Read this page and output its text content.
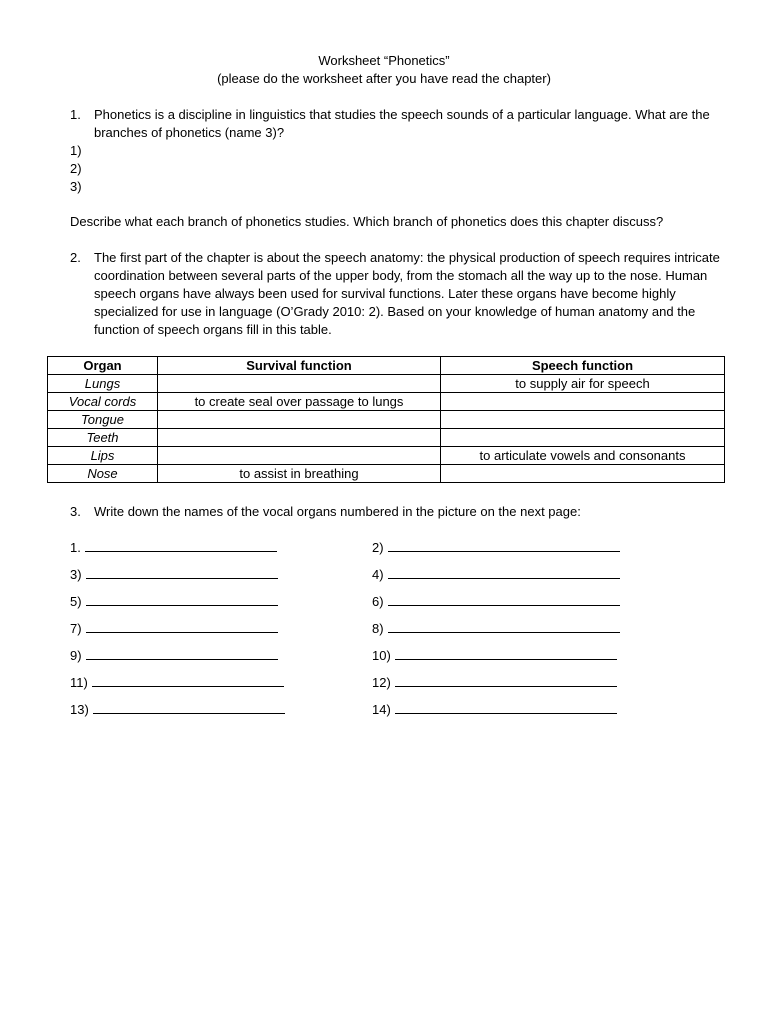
Worksheet “Phonetics”
(please do the worksheet after you have read the chapter)
1. Phonetics is a discipline in linguistics that studies the speech sounds of a particular language. What are the branches of phonetics (name 3)?
1)
2)
3)
Describe what each branch of phonetics studies. Which branch of phonetics does this chapter discuss?
2. The first part of the chapter is about the speech anatomy: the physical production of speech requires intricate coordination between several parts of the upper body, from the stomach all the way up to the nose. Human speech organs have always been used for survival functions. Later these organs have become highly specialized for use in language (O’Grady 2010: 2). Based on your knowledge of human anatomy and the function of speech organs fill in this table.
Organ	Survival function	Speech function
Lungs		to supply air for speech
Vocal cords	to create seal over passage to lungs	
Tongue		
Teeth		
Lips		to articulate vowels and consonants
Nose	to assist in breathing	
3. Write down the names of the vocal organs numbered in the picture on the next page:
1.	2)
3)	4)
5)	6)
7)	8)
9)	10)
11)	12)
13)	14)
